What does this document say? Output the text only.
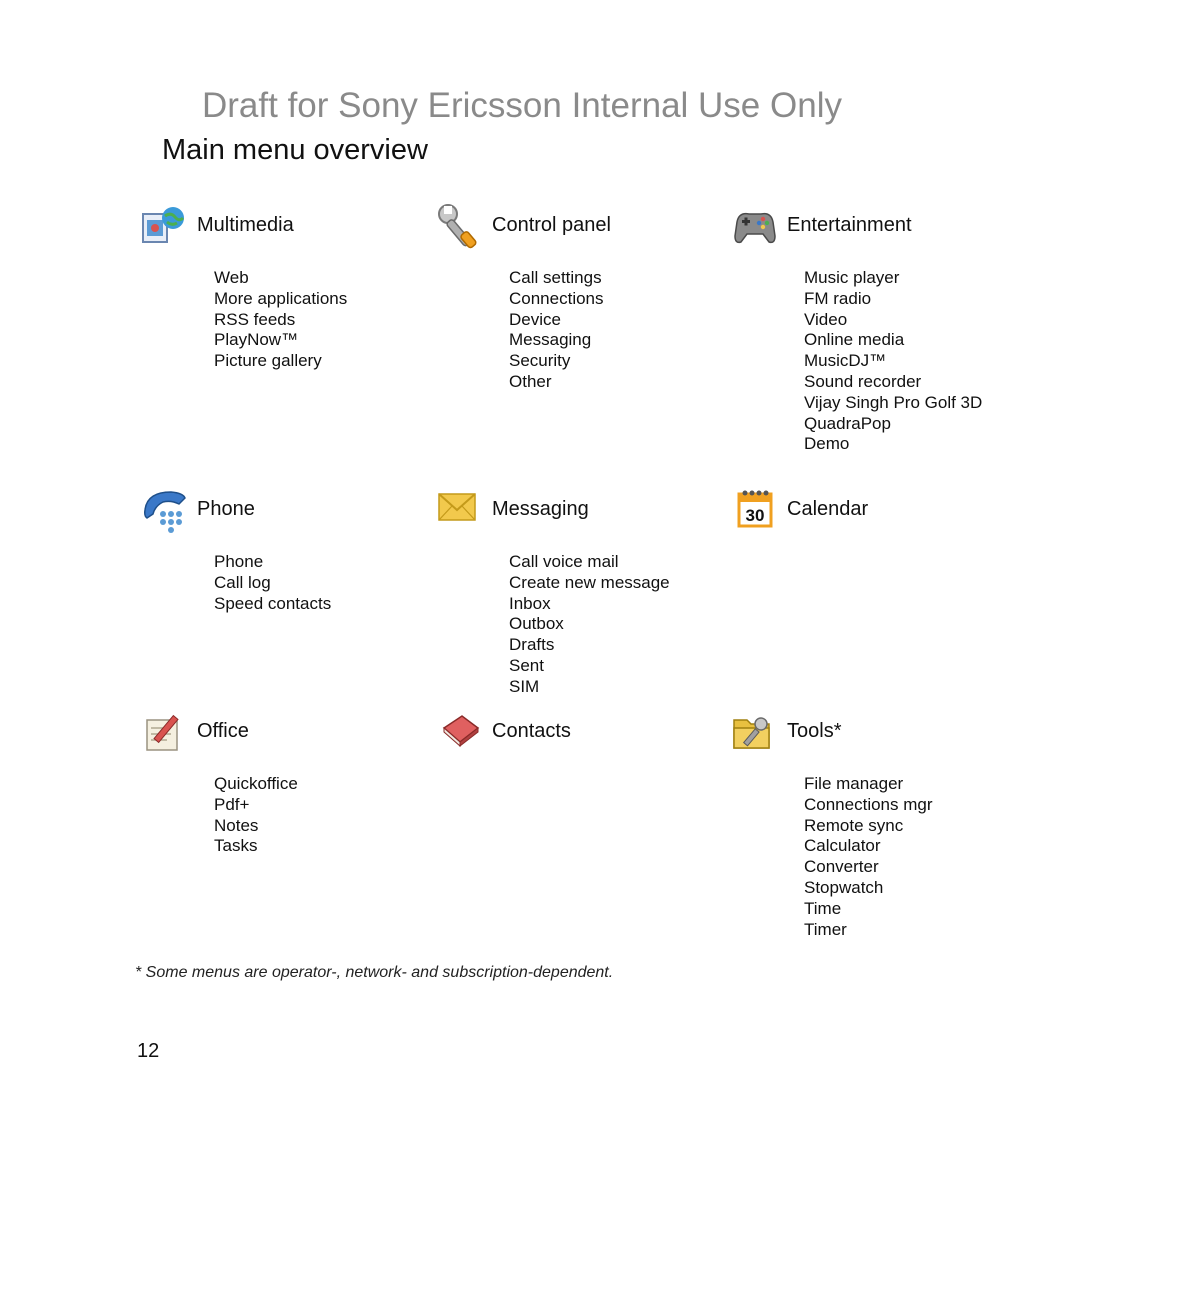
Draft for Sony Ericsson Internal Use Only
Main menu overview
Multimedia
Web
More applications
RSS feeds
PlayNow™
Picture gallery
Control panel
Call settings
Connections
Device
Messaging
Security
Other
Entertainment
Music player
FM radio
Video
Online media
MusicDJ™
Sound recorder
Vijay Singh Pro Golf 3D
QuadraPop
Demo
Phone
Phone
Call log
Speed contacts
Messaging
Call voice mail
Create new message
Inbox
Outbox
Drafts
Sent
SIM
30 Calendar
Office
Quickoffice
Pdf+
Notes
Tasks
Contacts	Tools*
File manager
Connections mgr
Remote sync
Calculator
Converter
Stopwatch
Time
Timer
* Some menus are operator-, network- and subscription-dependent.
12
